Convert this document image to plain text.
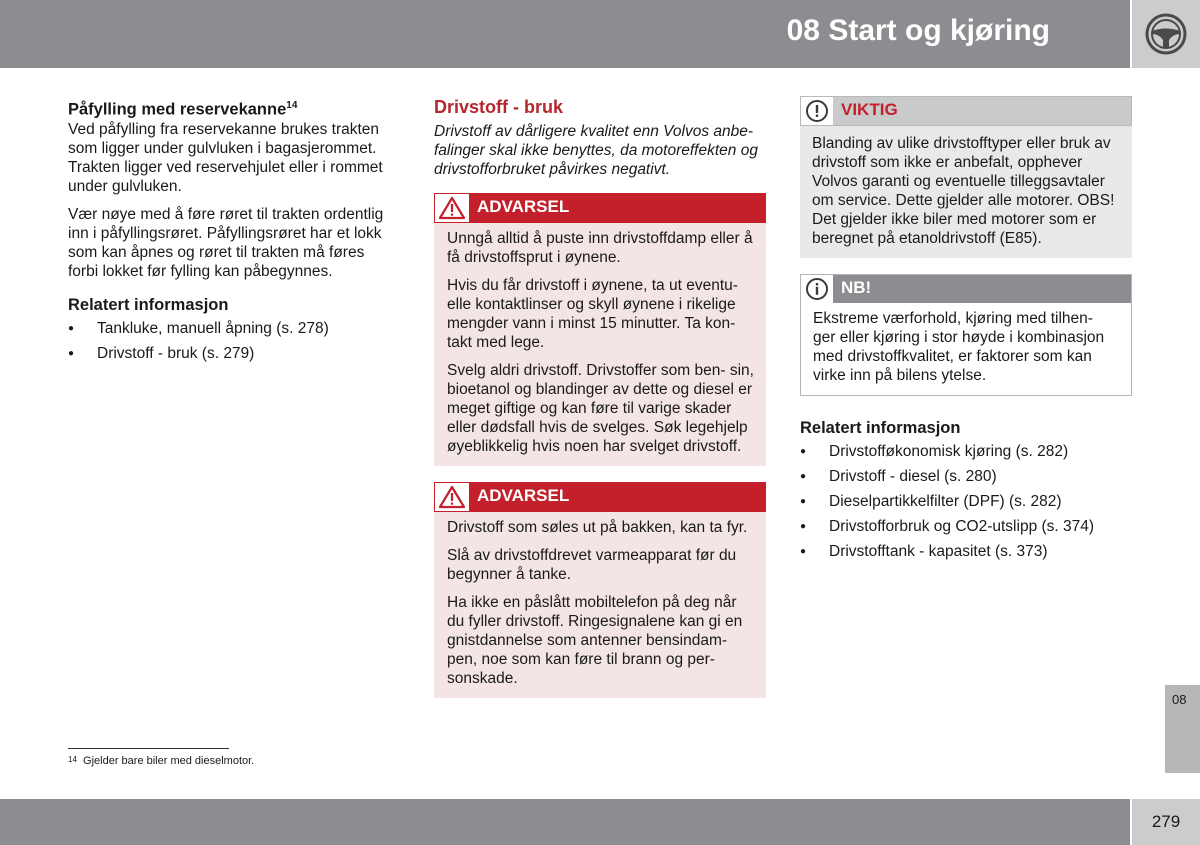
08 Start og kjøring
Påfylling med reservekanne$^{14}$

Ved påfylling fra reservekanne brukes trakten som ligger under gulvluken i bagasjerommet. Trakten ligger ved reservehjulet eller i rommet under gulvluken.

Vær nøye med å føre røret til trakten ordentlig inn i påfyllingsrøret. Påfyllingsrøret har et lokk som kan åpnes og røret til trakten må føres forbi lokket før fylling kan påbegynnes.

Relatert informasjon
● Tankluke, manuell åpning (s. 278)
● Drivstoff - bruk (s. 279)
Drivstoff - bruk

Drivstoff av dårligere kvalitet enn Volvos anbe- falinger skal ikke benyttes, da motoreffekten og drivstofforbruket påvirkes negativt.

ADVARSEL

Unngå alltid å puste inn drivstoffdamp eller å få drivstoffsprut i øynene.

Hvis du får drivstoff i øynene, ta ut eventu- elle kontaktlinser og skyll øynene i rikelige mengder vann i minst 15 minutter. Ta kon- takt med lege.

Svelg aldri drivstoff. Drivstoffer som ben- sin, bioetanol og blandinger av dette og diesel er meget giftige og kan føre til varige skader eller dødsfall hvis de svelges. Søk legehjelp øyeblikkelig hvis noen har svelget drivstoff.

ADVARSEL

Drivstoff som søles ut på bakken, kan ta fyr.

Slå av drivstoffdrevet varmeapparat før du begynner å tanke.

Ha ikke en påslått mobiltelefon på deg når du fyller drivstoff. Ringesignalene kan gi en gnistdannelse som antenner bensindam- pen, noe som kan føre til brann og per- sonskade.

VIKTIG

Blanding av ulike drivstofftyper eller bruk av drivstoff som ikke er anbefalt, opphever Volvos garanti og eventuelle tilleggsavtaler om service. Dette gjelder alle motorer. OBS! Det gjelder ikke biler med motorer som er beregnet på etanoldrivstoff (E85).

NB!

Ekstreme værforhold, kjøring med tilhen- ger eller kjøring i stor høyde i kombinasjon med drivstoffkvalitet, er faktorer som kan virke inn på bilens ytelse.

Relatert informasjon
● Drivstofføkonomisk kjøring (s. 282)
● Drivstoff - diesel (s. 280)
● Dieselpartikkelfilter (DPF) (s. 282)
● Drivstofforbruk og CO2-utslipp (s. 374)
● Drivstofftank - kapasitet (s. 373)
$^{14}$ Gjelder bare biler med dieselmotor.
08
279
